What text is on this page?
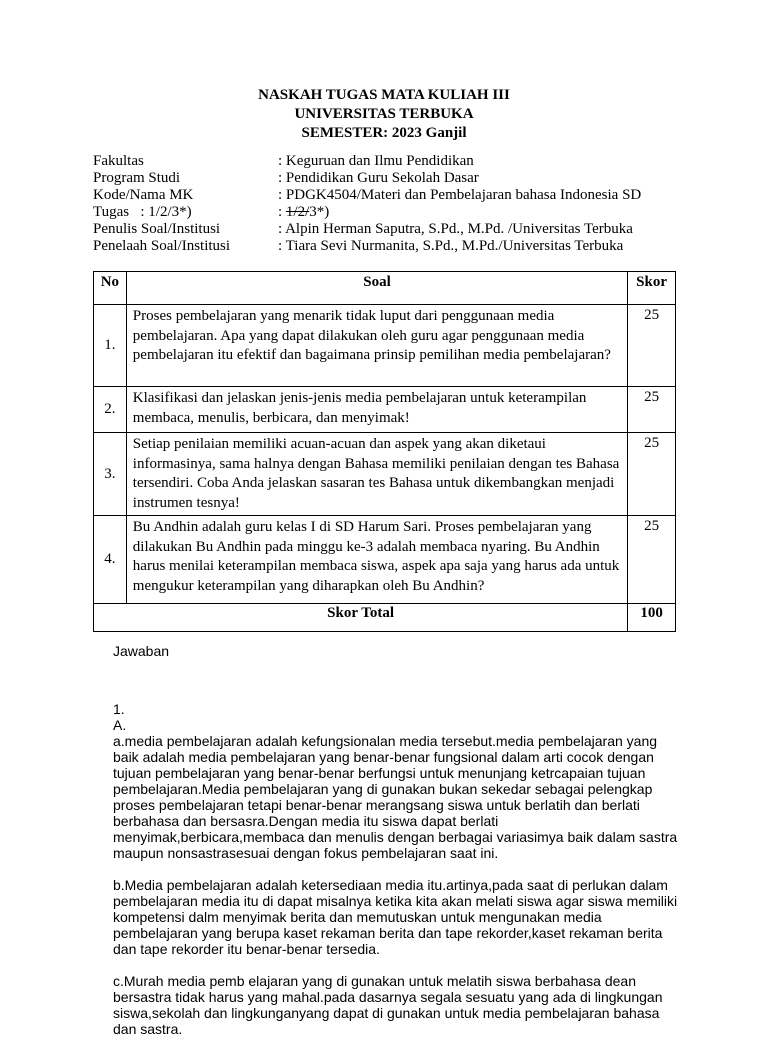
NASKAH TUGAS MATA KULIAH III
UNIVERSITAS TERBUKA
SEMESTER: 2023 Ganjil
Fakultas	: Keguruan dan Ilmu Pendidikan
Program Studi	: Pendidikan Guru Sekolah Dasar
Kode/Nama MK	: PDGK4504/Materi dan Pembelajaran bahasa Indonesia SD
Tugas   : 1/2/3*)	: 1/2/3*)
Penulis Soal/Institusi	: Alpin Herman Saputra, S.Pd., M.Pd. /Universitas Terbuka
Penelaah Soal/Institusi	: Tiara Sevi Nurmanita, S.Pd., M.Pd./Universitas Terbuka
No	Soal	Skor
1.	Proses pembelajaran yang menarik tidak luput dari penggunaan media pembelajaran. Apa yang dapat dilakukan oleh guru agar penggunaan media pembelajaran itu efektif dan bagaimana prinsip pemilihan media pembelajaran?	25
2.	Klasifikasi dan jelaskan jenis-jenis media pembelajaran untuk keterampilan membaca, menulis, berbicara, dan menyimak!	25
3.	Setiap penilaian memiliki acuan-acuan dan aspek yang akan diketaui informasinya, sama halnya dengan Bahasa memiliki penilaian dengan tes Bahasa tersendiri. Coba Anda jelaskan sasaran tes Bahasa untuk dikembangkan menjadi instrumen tesnya!	25
4.	Bu Andhin adalah guru kelas I di SD Harum Sari. Proses pembelajaran yang dilakukan Bu Andhin pada minggu ke-3 adalah membaca nyaring. Bu Andhin harus menilai keterampilan membaca siswa, aspek apa saja yang harus ada untuk mengukur keterampilan yang diharapkan oleh Bu Andhin?	25
Skor Total		100

Jawaban

1.

A.

a.media pembelajaran adalah kefungsionalan media tersebut.media pembelajaran yang baik adalah media pembelajaran yang benar-benar fungsional dalam arti cocok dengan tujuan pembelajaran yang benar-benar berfungsi untuk menunjang ketrcapaian tujuan pembelajaran.Media pembelajaran yang di gunakan bukan sekedar sebagai pelengkap proses pembelajaran tetapi benar-benar merangsang siswa untuk berlatih dan berlati berbahasa dan bersasra.Dengan media itu siswa dapat berlati menyimak,berbicara,membaca dan menulis dengan berbagai variasimya baik dalam sastra maupun nonsastrasesuai dengan fokus pembelajaran saat ini.

b.Media pembelajaran adalah ketersediaan media itu.artinya,pada saat di perlukan dalam pembelajaran media itu di dapat misalnya ketika kita akan melati siswa agar siswa memiliki kompetensi dalm menyimak berita dan memutuskan untuk mengunakan media pembelajaran yang berupa kaset rekaman berita dan tape rekorder,kaset rekaman berita dan tape rekorder itu benar-benar tersedia.

c.Murah media pemb elajaran yang di gunakan untuk melatih siswa berbahasa dean bersastra tidak harus yang mahal.pada dasarnya segala sesuatu yang ada di lingkungan siswa,sekolah dan lingkunganyang dapat di gunakan untuk media pembelajaran bahasa dan sastra.
